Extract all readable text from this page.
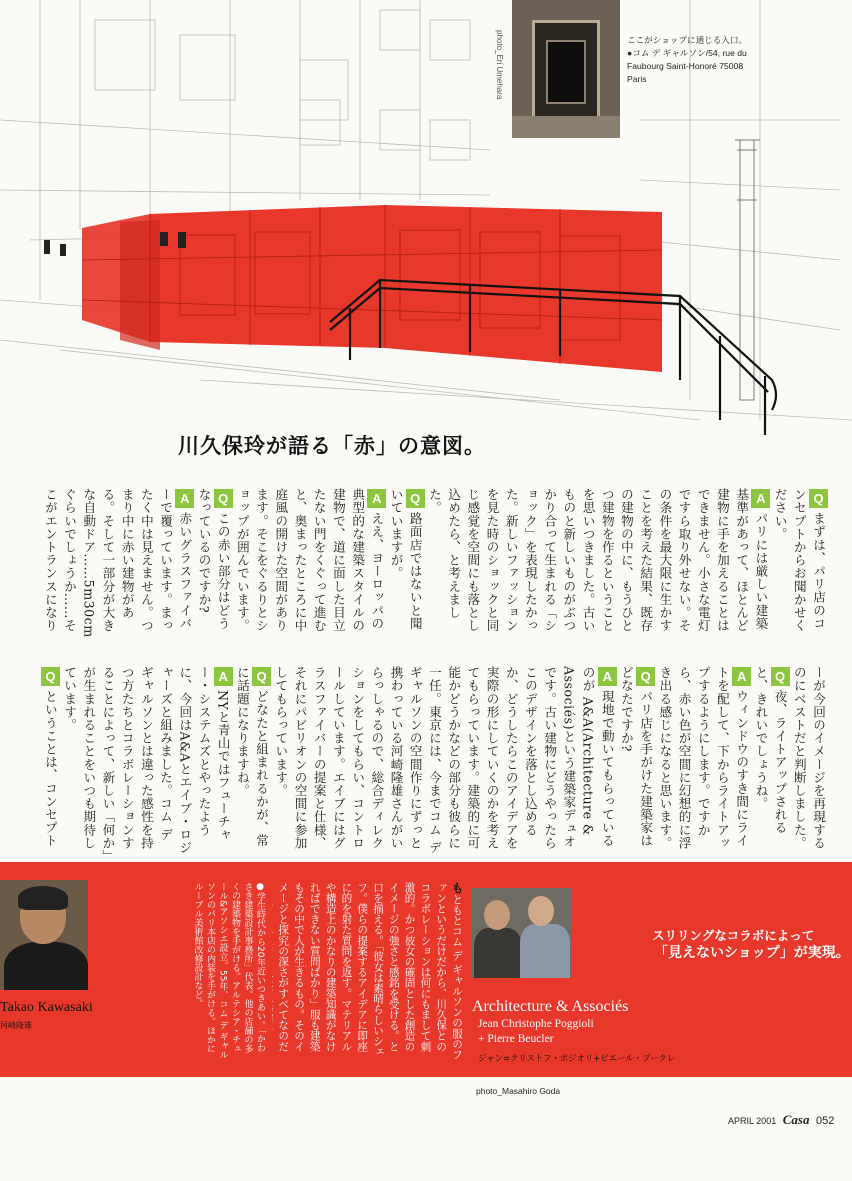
photo_Eri Umehara	ここがショップに通じる入口。
●コム デ ギャルソン/54, rue du
Faubourg Saint-Honoré 75008
Paris
川久保玲が語る「赤」の意図。
Qまずは、パリ店のコンセプトからお聞かせください。
Aパリには厳しい建築基準があって、ほとんど建物に手を加えることはできません。小さな電灯ですら取り外せない。その条件を最大限に生かすことを考えた結果、既存の建物の中に、もうひとつ建物を作るということを思いつきました。古いものと新しいものがぶつかり合って生まれる「ショック」を表現したかった。新しいファッションを見た時のショックと同じ感覚を空間にも落とし込めたら、と考えました。
Q路面店ではないと聞いていますが。
Aええ、ヨーロッパの典型的な建築スタイルの建物で、道に面した目立たない門をくぐって進むと、奥まったところに中庭風の開けた空間があります。そこをぐるりとショップが囲んでいます。
Qこの赤い部分はどうなっているのですか?
A赤いグラスファイバーで覆っています。まったく中は見えません。つまり中に赤い建物がある。そして一部分が大きな自動ドア……5m30cmぐらいでしょうか……そこがエントランスになり
ーが今回のイメージを再現するのにベストだと判断しました。
Q夜、ライトアップされると、きれいでしょうね。
Aウィンドウのすき間にライトを配して、下からライトアップするようにします。ですから、赤い色が空間に幻想的に浮き出る感じになると思います。
Qパリ店を手がけた建築家はどなたですか?
A現地で動いてもらっているのが A&A(Architecture & Associés)という建築家デュオです。古い建物にどうやったらこのデザインを落とし込めるか、どうしたらこのアイデアを実際の形にしていくのかを考えてもらっています。建築的に可能かどうかなどの部分も彼らに一任。東京には、今までコム デ ギャルソンの空間作りにずっと携わっている河崎隆雄さんがいらっしゃるので、総合ディレクションをしてもらい、コントロールしています。エイブにはグラスファイバーの提案と仕様、それにパビリオンの空間に参加してもらっています。
Qどなたと組まれるかが、常に話題になりますね。
ANYと青山ではフューチャー・システムズとやったように、今回はA&Aとエイブ・ロジャーズと組みました。コム デ ギャルソンとは違った感性を持つ方たちとコラボレーションすることによって、新しい「何か」が生まれることをいつも期待しています。
Qということは、コンセプト
Takao Kawasaki
河崎隆雄	●学生時代から20年近いつきあい。「かわさき建築設計事務所」代表。他の店舗の多くの建築物を手がける。アルテシア・チュール&アソシエ設立。55年、コム デ ギャルソンのパリ本店の内装を手がける。ほかにルーブル美術館改修設計など。	もともとコム デ ギャルソンの服のファンというだけだから、川久保とのコラボレーションは何にもまして刺激的。かつ彼女の確固とした創造のイメージの強さと感銘を受ける。と口を揃える。「彼女は素晴らしいシェフ。僕らの提案するアイデアに即座に的を射た質問を返す。マテリアルや構造上のかなりの建築知識がなければできない質問ばかり」服も建築もその中で人が生きるもの。そのイメージと探究の深さがすべてなのだ
Architecture & Associés
Jean Christophe Poggioli
+ Pierre Beucler
ジャン=クリストフ・ポジオリ+ピエール・ブークレ
スリリングなコラボによって
「見えないショップ」が実現。
photo_Masahiro Goda
APRIL 2001 Casa 052
